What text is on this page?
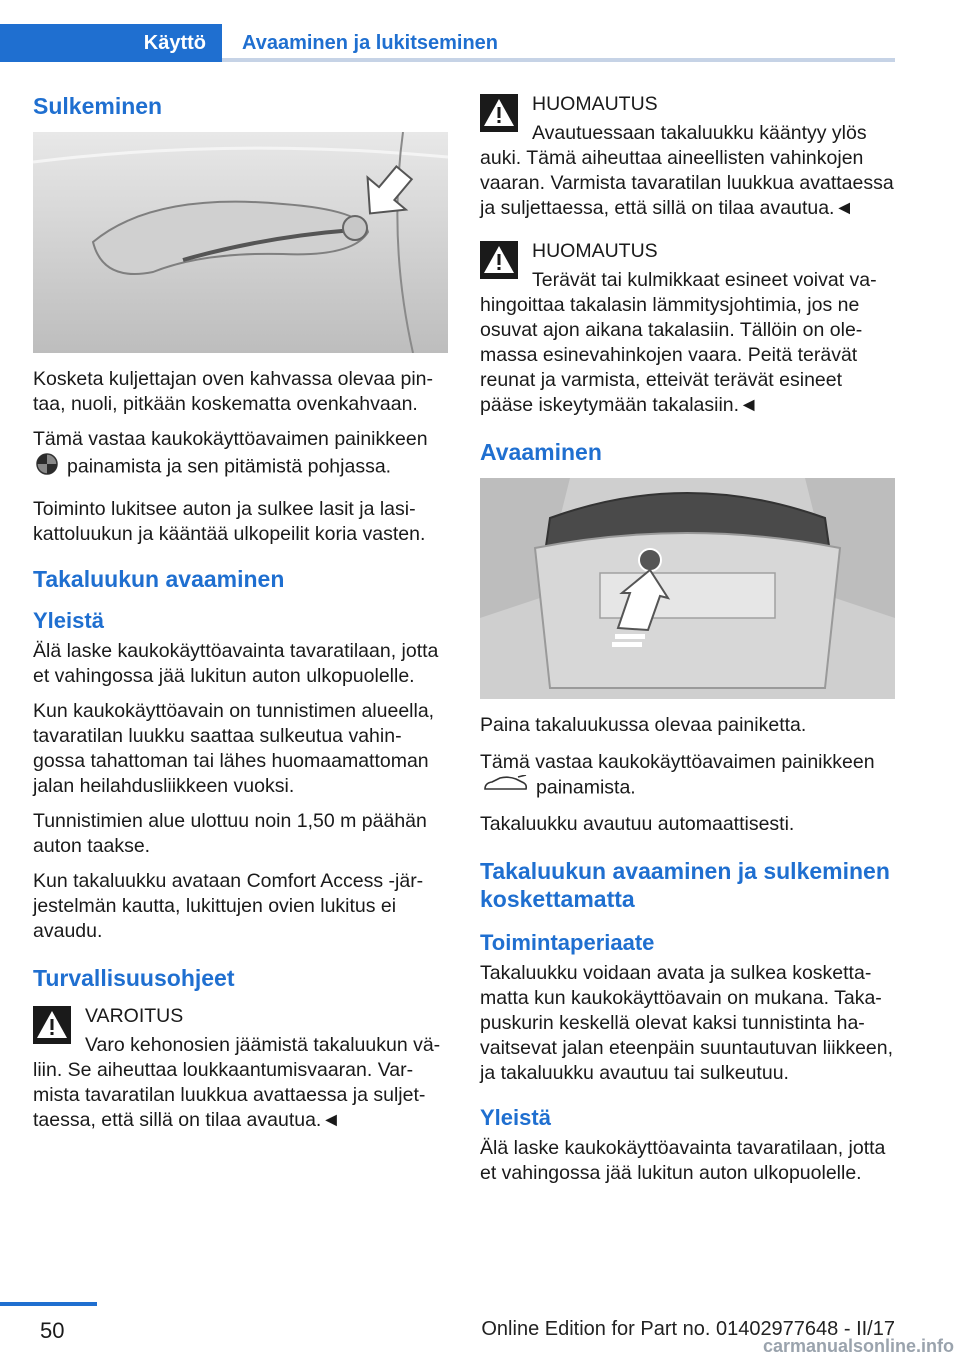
Käyttö	Avaaminen ja lukitseminen
Sulkeminen

Kosketa kuljettajan oven kahvassa olevaa pin-taa, nuoli, pitkään koskematta ovenkahvaan.

Tämä vastaa kaukokäyttöavaimen painikkeen
painamista ja sen pitämistä pohjassa.

Toiminto lukitsee auton ja sulkee lasit ja lasi-kattoluukun ja kääntää ulkopeilit koria vasten.

Takaluukun avaaminen
Yleistä

Älä laske kaukokäyttöavainta tavaratilaan, jotta et vahingossa jää lukitun auton ulkopuolelle.

Kun kaukokäyttöavain on tunnistimen alueella, tavaratilan luukku saattaa sulkeutua vahin-gossa tahattoman tai lähes huomaamattoman jalan heilahdusliikkeen vuoksi.

Tunnistimien alue ulottuu noin 1,50 m päähän auton taakse.

Kun takaluukku avataan Comfort Access -jär-jestelmän kautta, lukittujen ovien lukitus ei avaudu.

Turvallisuusohjeet
VAROITUS

Varo kehonosien jäämistä takaluukun vä-

liin. Se aiheuttaa loukkaantumisvaaran. Var-mista tavaratilan luukkua avattaessa ja suljet-taessa, että sillä on tilaa avautua.◄

HUOMAUTUS

Avautuessaan takaluukku kääntyy ylös

auki. Tämä aiheuttaa aineellisten vahinkojen vaaran. Varmista tavaratilan luukkua avattaessa ja suljettaessa, että sillä on tilaa avautua.◄

HUOMAUTUS

Terävät tai kulmikkaat esineet voivat va-

hingoittaa takalasin lämmitysjohtimia, jos ne osuvat ajon aikana takalasiin. Tällöin on ole-massa esinevahinkojen vaara. Peitä terävät reunat ja varmista, etteivät terävät esineet pääse iskeytymään takalasiin.◄

Avaaminen

Paina takaluukussa olevaa painiketta.

Tämä vastaa kaukokäyttöavaimen painikkeen
painamista.

Takaluukku avautuu automaattisesti.

Takaluukun avaaminen ja sulkeminen koskettamatta
Toimintaperiaate

Takaluukku voidaan avata ja sulkea kosketta-matta kun kaukokäyttöavain on mukana. Taka-puskurin keskellä olevat kaksi tunnistinta ha-vaitsevat jalan eteenpäin suuntautuvan liikkeen, ja takaluukku avautuu tai sulkeutuu.

Yleistä

Älä laske kaukokäyttöavainta tavaratilaan, jotta et vahingossa jää lukitun auton ulkopuolelle.

50	Online Edition for Part no. 01402977648 - II/17
carmanualsonline.info
